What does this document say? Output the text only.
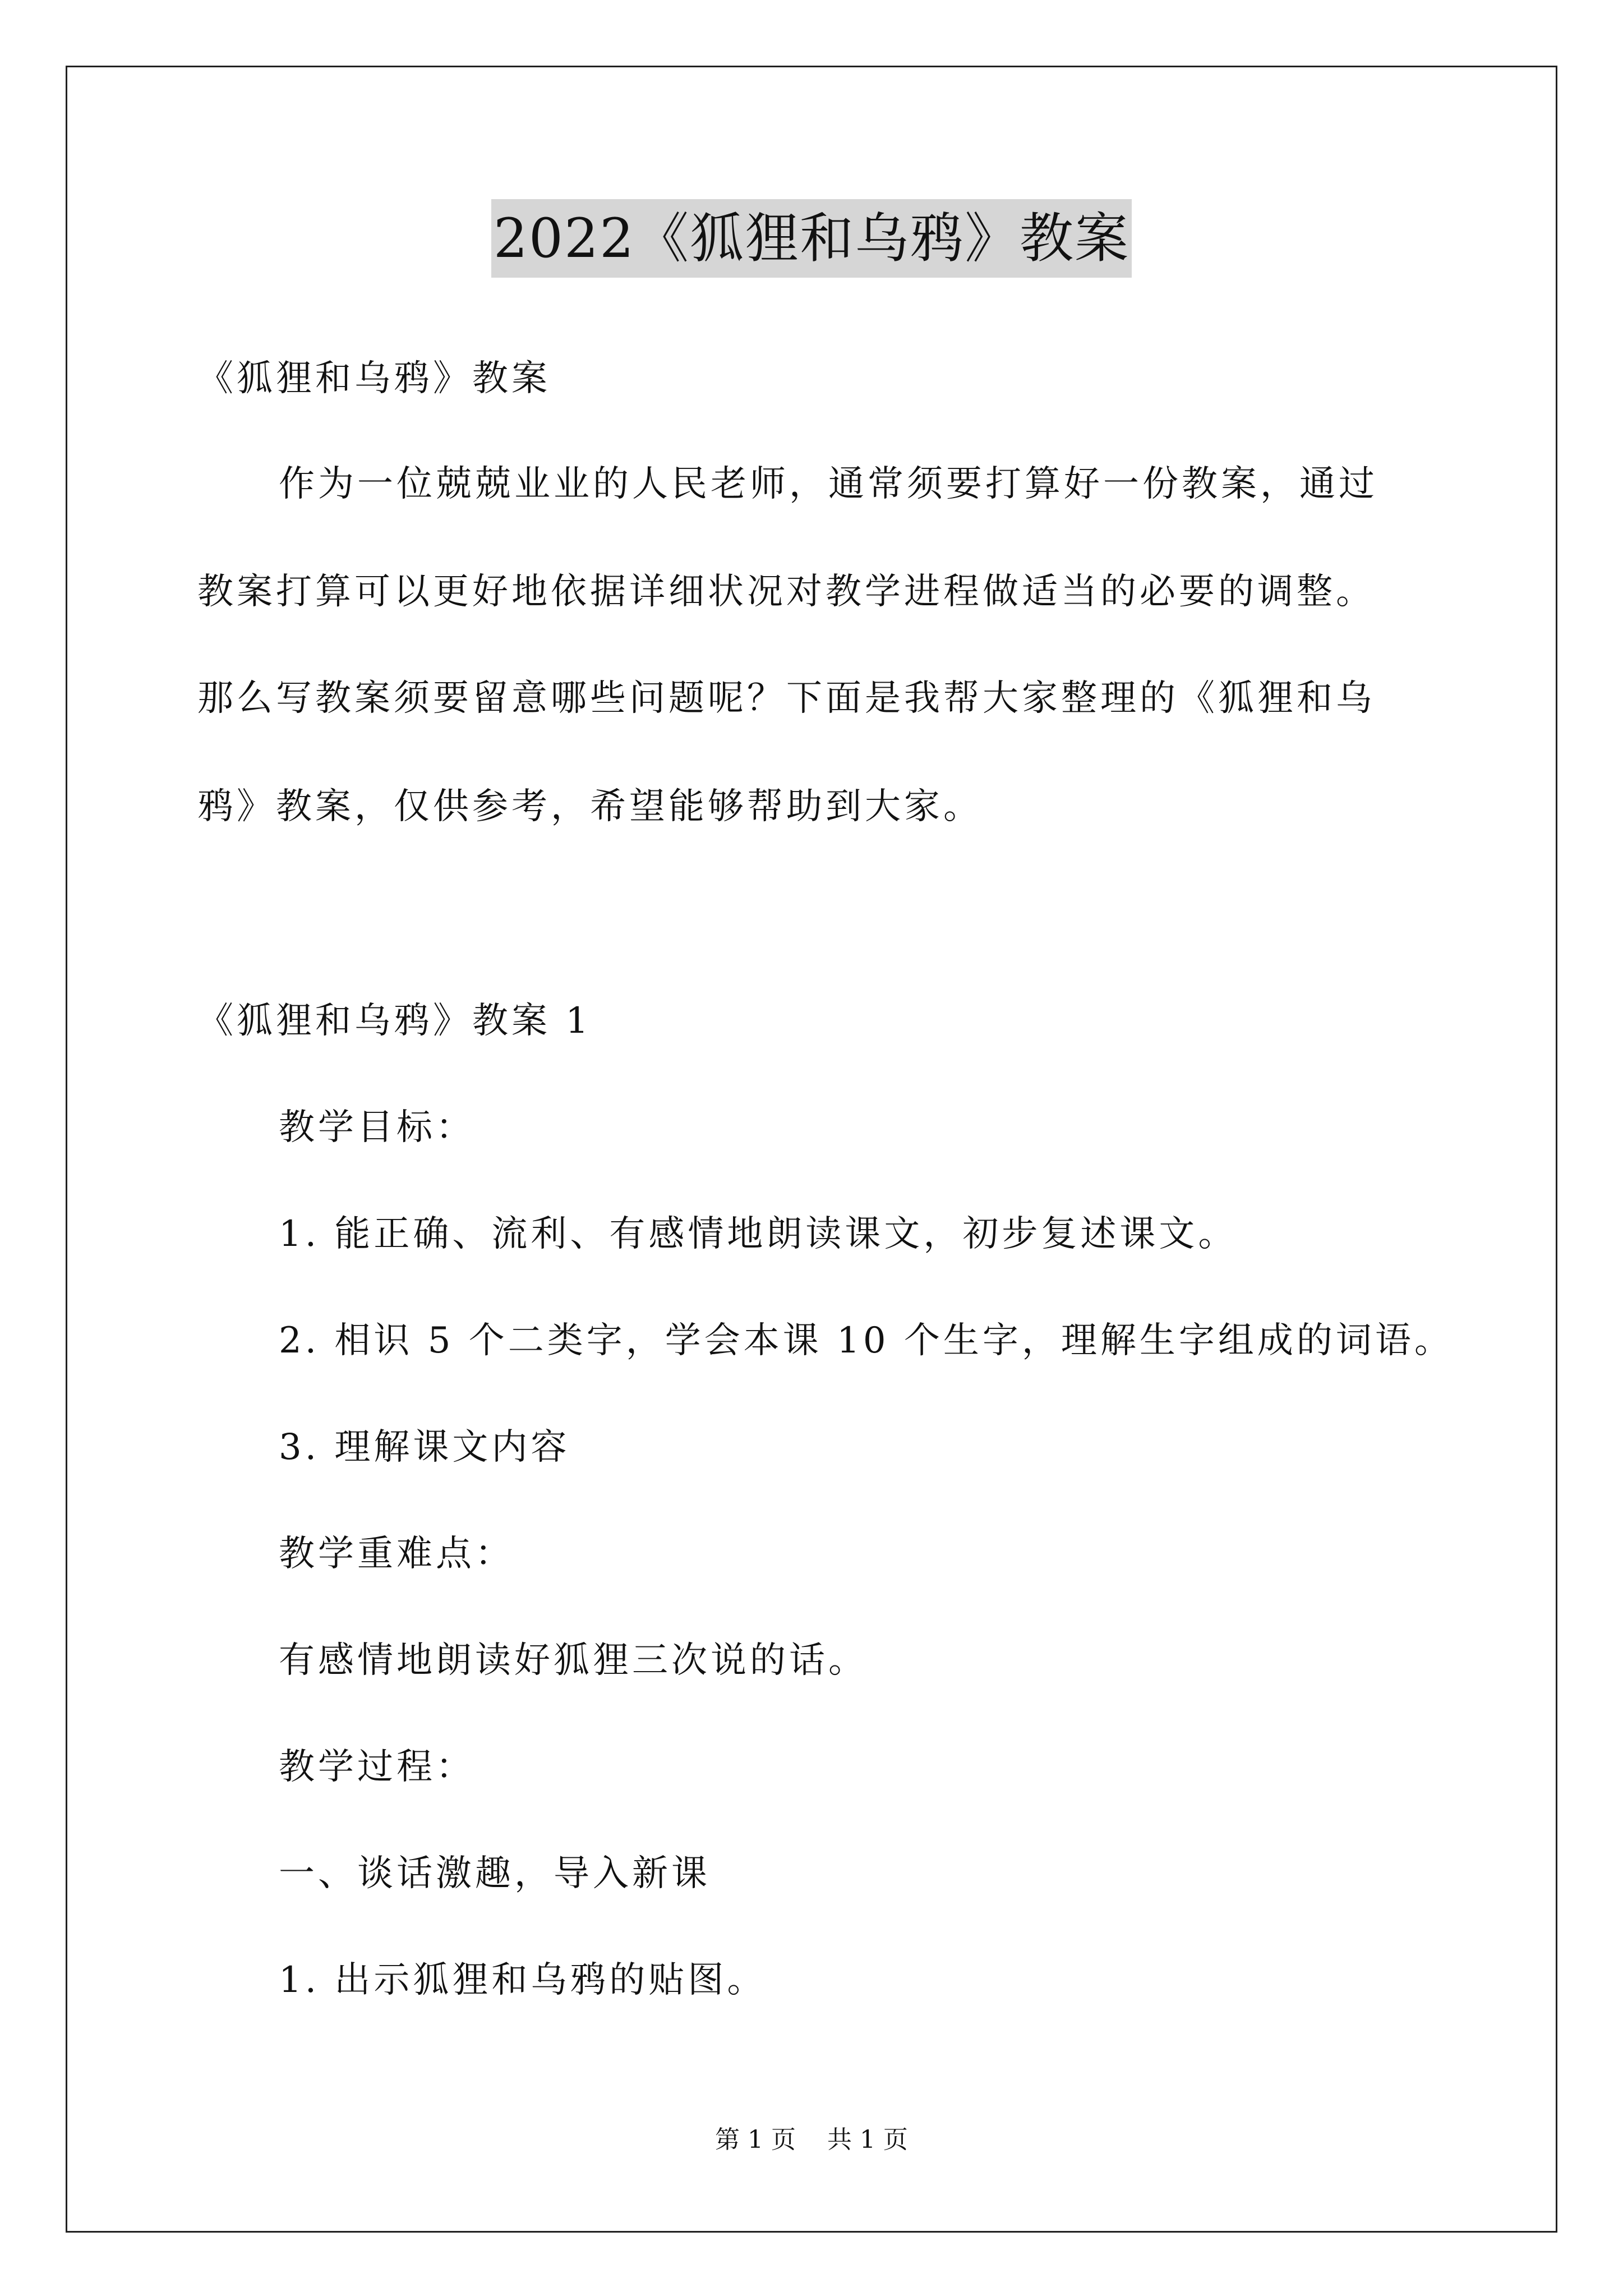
2022《狐狸和乌鸦》教案
《狐狸和乌鸦》教案
作为一位兢兢业业的人民老师，通常须要打算好一份教案，通过
教案打算可以更好地依据详细状况对教学进程做适当的必要的调整。
那么写教案须要留意哪些问题呢？下面是我帮大家整理的《狐狸和乌
鸦》教案，仅供参考，希望能够帮助到大家。
《狐狸和乌鸦》教案 1
教学目标：
1. 能正确、流利、有感情地朗读课文，初步复述课文。
2. 相识 5 个二类字，学会本课 10 个生字，理解生字组成的词语。
3. 理解课文内容
教学重难点：
有感情地朗读好狐狸三次说的话。
教学过程：
一、谈话激趣，导入新课
1. 出示狐狸和乌鸦的贴图。
第 1 页    共 1 页
